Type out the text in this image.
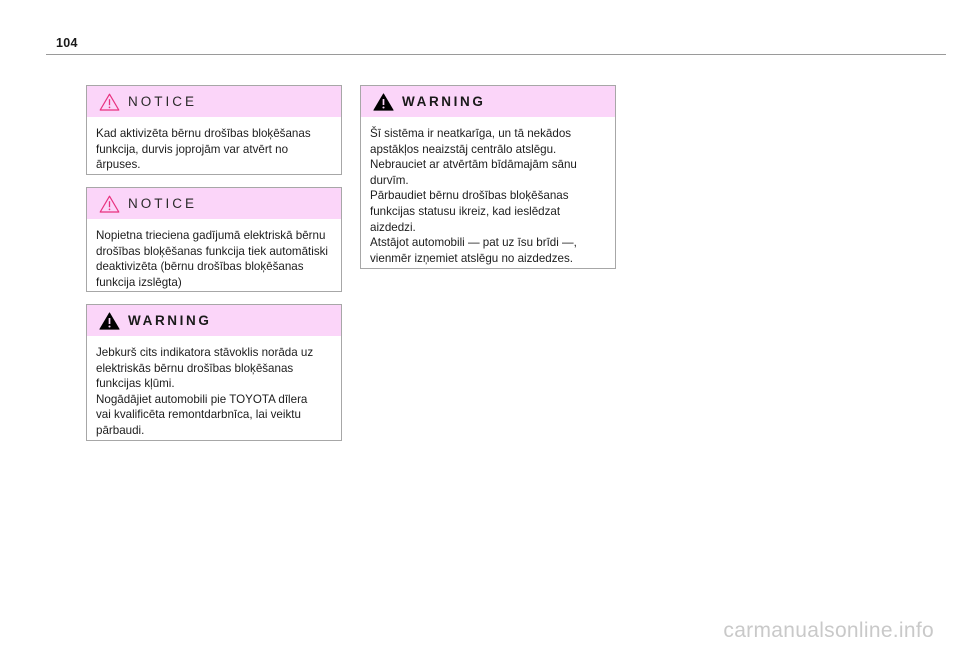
104
NOTICE

Kad aktivizēta bērnu drošības bloķēšanas

funkcija, durvis joprojām var atvērt no

ārpuses.

NOTICE

Nopietna trieciena gadījumā elektriskā bērnu

drošības bloķēšanas funkcija tiek automātiski

deaktivizēta (bērnu drošības bloķēšanas

funkcija izslēgta)

WARNING

Jebkurš cits indikatora stāvoklis norāda uz

elektriskās bērnu drošības bloķēšanas

funkcijas kļūmi.

Nogādājiet automobili pie TOYOTA dīlera

vai kvalificēta remontdarbnīca, lai veiktu

pārbaudi.

WARNING

Šī sistēma ir neatkarīga, un tā nekādos

apstākļos neaizstāj centrālo atslēgu.

Nebrauciet ar atvērtām bīdāmajām sānu

durvīm.

Pārbaudiet bērnu drošības bloķēšanas

funkcijas statusu ikreiz, kad ieslēdzat

aizdedzi.

Atstājot automobili — pat uz īsu brīdi —,

vienmēr izņemiet atslēgu no aizdedzes.

carmanualsonline.info
